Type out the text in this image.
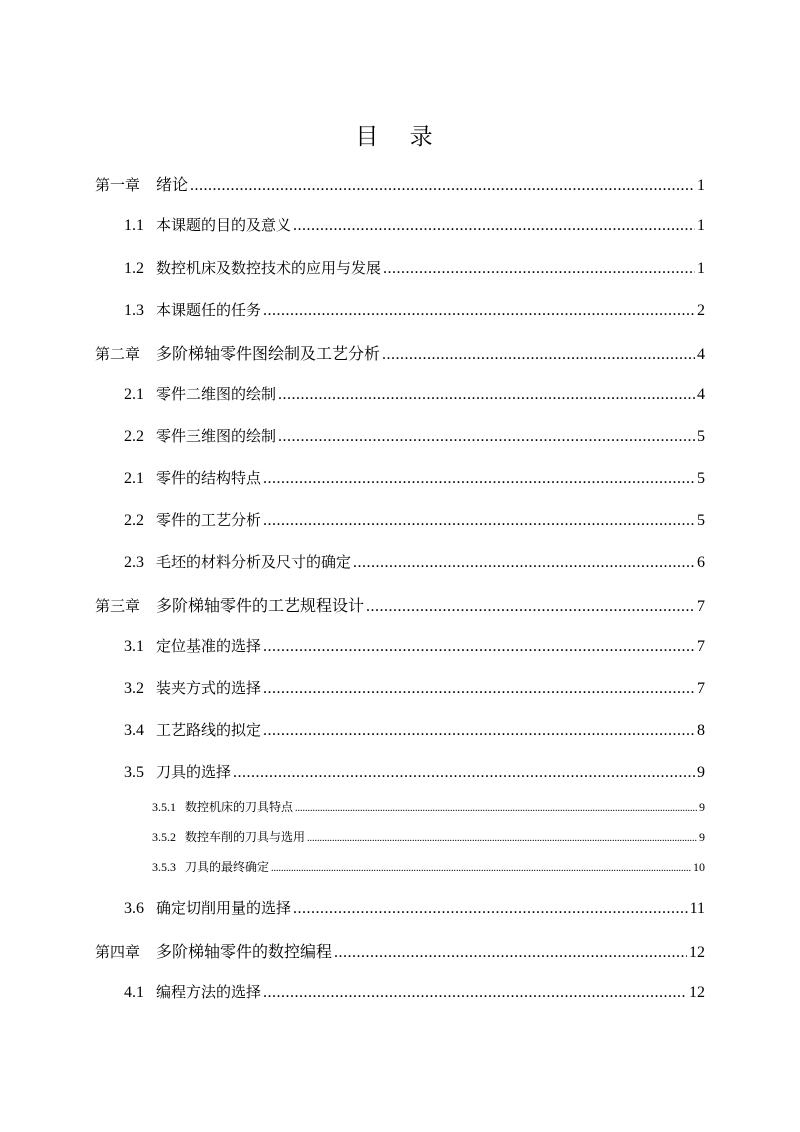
目 录
第一章 绪论 .....	1
1.1 本课题的目的及意义 .....	1
1.2 数控机床及数控技术的应用与发展 .....	1
1.3 本课题任的任务 .....	2
第二章 多阶梯轴零件图绘制及工艺分析 .....	4
2.1 零件二维图的绘制 .....	4
2.2 零件三维图的绘制 .....	5
2.1 零件的结构特点 .....	5
2.2 零件的工艺分析 .....	5
2.3 毛坯的材料分析及尺寸的确定 .....	6
第三章 多阶梯轴零件的工艺规程设计 .....	7
3.1 定位基准的选择 .....	7
3.2 装夹方式的选择 .....	7
3.4 工艺路线的拟定 .....	8
3.5 刀具的选择 .....	9
3.5.1 数控机床的刀具特点 .....	9
3.5.2 数控车削的刀具与选用 .....	9
3.5.3 刀具的最终确定 .....	10
3.6 确定切削用量的选择 .....	11
第四章 多阶梯轴零件的数控编程 .....	12
4.1 编程方法的选择 .....	12
